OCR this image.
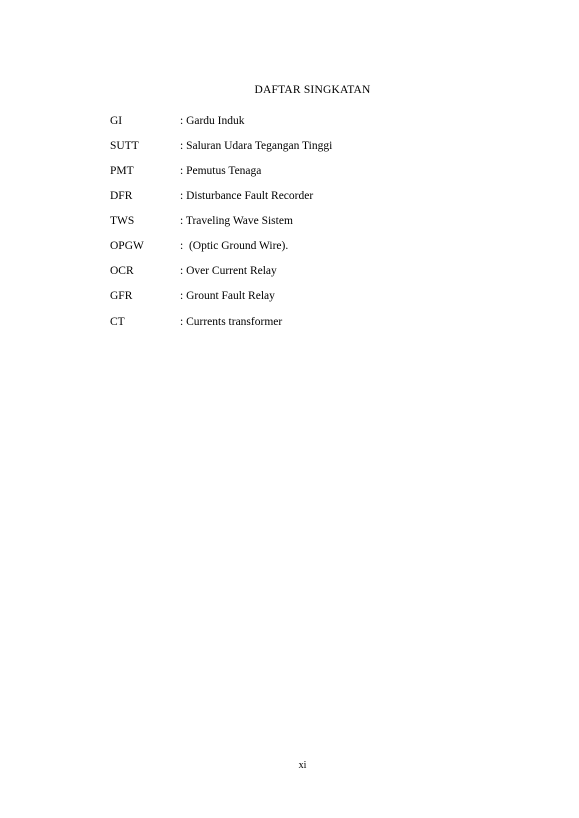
DAFTAR SINGKATAN
GI	: Gardu Induk
SUTT	: Saluran Udara Tegangan Tinggi
PMT	: Pemutus Tenaga
DFR	: Disturbance Fault Recorder
TWS	: Traveling Wave Sistem
OPGW	:  (Optic Ground Wire).
OCR	: Over Current Relay
GFR	: Grount Fault Relay
CT	: Currents transformer
xi
